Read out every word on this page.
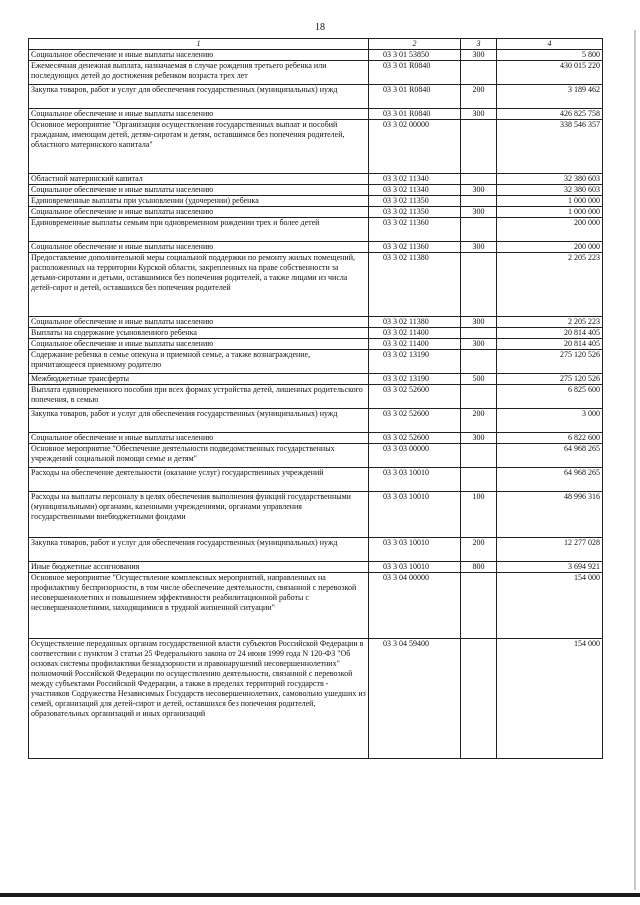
18
1	2	3	4
Социальное обеспечение и иные выплаты населению	03 3 01 53850	300	5 800
Ежемесячная денежная выплата, назначаемая в случае рождения третьего ребенка или последующих детей до достижения ребенком возраста трех лет	03 3 01 R0840		430 015 220
Закупка товаров, работ и услуг для обеспечения государственных (муниципальных) нужд	03 3 01 R0840	200	3 189 462
Социальное обеспечение и иные выплаты населению	03 3 01 R0840	300	426 825 758
Основное мероприятие "Организация осуществления государственных выплат и пособий гражданам, имеющим детей, детям-сиротам и детям, оставшимся без попечения родителей, областного материнского капитала"	03 3 02 00000		338 546 357
Областной материнский капитал	03 3 02 11340		32 380 603
Социальное обеспечение и иные выплаты населению	03 3 02 11340	300	32 380 603
Единовременные выплаты при усыновлении (удочерении) ребенка	03 3 02 11350		1 000 000
Социальное обеспечение и иные выплаты населению	03 3 02 11350	300	1 000 000
Единовременные выплаты семьям при одновременном рождении трех и более детей	03 3 02 11360		200 000
Социальное обеспечение и иные выплаты населению	03 3 02 11360	300	200 000
Предоставление дополнительной меры социальной поддержки по ремонту жилых помещений, расположенных на территории Курской области, закрепленных на праве собственности за детьми-сиротами и детьми, оставшимися без попечения родителей, а также лицами из числа детей-сирот и детей, оставшихся без попечения родителей	03 3 02 11380		2 205 223
Социальное обеспечение и иные выплаты населению	03 3 02 11380	300	2 205 223
Выплаты на содержание усыновленного ребенка	03 3 02 11400		20 814 405
Социальное обеспечение и иные выплаты населению	03 3 02 11400	300	20 814 405
Содержание ребенка в семье опекуна и приемной семье, а также вознаграждение, причитающееся приемному родителю	03 3 02 13190		275 120 526
Межбюджетные трансферты	03 3 02 13190	500	275 120 526
Выплата единовременного пособия при всех формах устройства детей, лишенных родительского попечения, в семью	03 3 02 52600		6 825 600
Закупка товаров, работ и услуг для обеспечения государственных (муниципальных) нужд	03 3 02 52600	200	3 000
Социальное обеспечение и иные выплаты населению	03 3 02 52600	300	6 822 600
Основное мероприятие "Обеспечение деятельности подведомственных государственных учреждений социальной помощи семье и детям"	03 3 03 00000		64 968 265
Расходы на обеспечение деятельности (оказание услуг) государственных учреждений	03 3 03 10010		64 968 265
Расходы на выплаты персоналу в целях обеспечения выполнения функций государственными (муниципальными) органами, казенными учреждениями, органами управления государственными внебюджетными фондами	03 3 03 10010	100	48 996 316
Закупка товаров, работ и услуг для обеспечения государственных (муниципальных) нужд	03 3 03 10010	200	12 277 028
Иные бюджетные ассигнования	03 3 03 10010	800	3 694 921
Основное мероприятие "Осуществление комплексных мероприятий, направленных на профилактику беспризорности, в том числе обеспечение деятельности, связанной с перевозкой несовершеннолетних и повышением эффективности реабилитационной работы с несовершеннолетними, находящимися в трудной жизненной ситуации"	03 3 04 00000		154 000
Осуществление переданных органам государственной власти субъектов Российской Федерации в соответствии с пунктом 3 статьи 25 Федерального закона от 24 июня 1999 года N 120-ФЗ "Об основах системы профилактики безнадзорности и правонарушений несовершеннолетних" полномочий Российской Федерации по осуществлению деятельности, связанной с перевозкой между субъектами Российской Федерации, а также в пределах территорий государств - участников Содружества Независимых Государств несовершеннолетних, самовольно ушедших из семей, организаций для детей-сирот и детей, оставшихся без попечения родителей, образовательных организаций и иных организаций	03 3 04 59400		154 000
